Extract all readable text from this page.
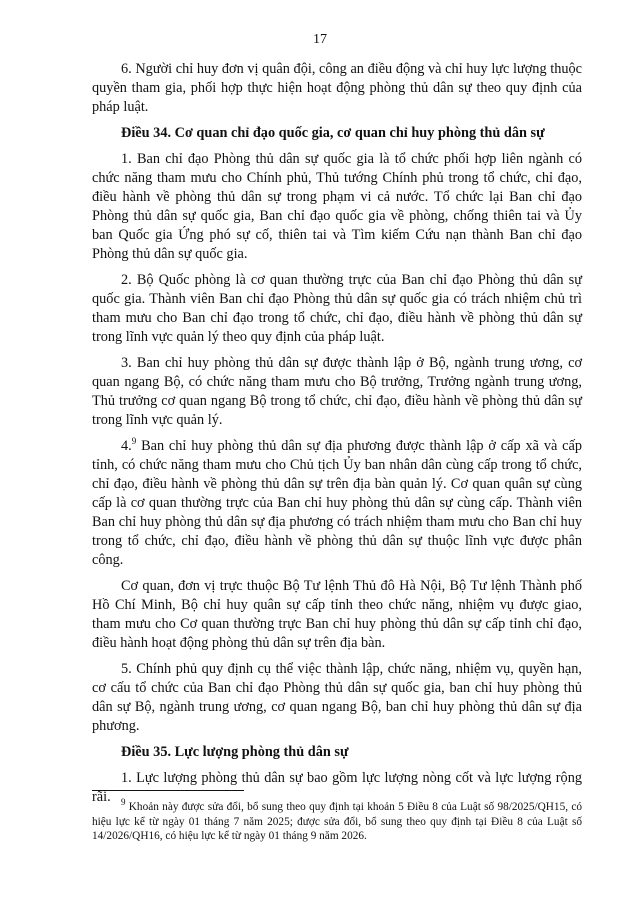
17

6. Người chỉ huy đơn vị quân đội, công an điều động và chỉ huy lực lượng thuộc quyền tham gia, phối hợp thực hiện hoạt động phòng thủ dân sự theo quy định của pháp luật.

Điều 34. Cơ quan chỉ đạo quốc gia, cơ quan chỉ huy phòng thủ dân sự

1. Ban chỉ đạo Phòng thủ dân sự quốc gia là tổ chức phối hợp liên ngành có chức năng tham mưu cho Chính phủ, Thủ tướng Chính phủ trong tổ chức, chỉ đạo, điều hành về phòng thủ dân sự trong phạm vi cả nước. Tổ chức lại Ban chỉ đạo Phòng thủ dân sự quốc gia, Ban chỉ đạo quốc gia về phòng, chống thiên tai và Ủy ban Quốc gia Ứng phó sự cố, thiên tai và Tìm kiếm Cứu nạn thành Ban chỉ đạo Phòng thủ dân sự quốc gia.

2. Bộ Quốc phòng là cơ quan thường trực của Ban chỉ đạo Phòng thủ dân sự quốc gia. Thành viên Ban chỉ đạo Phòng thủ dân sự quốc gia có trách nhiệm chủ trì tham mưu cho Ban chỉ đạo trong tổ chức, chỉ đạo, điều hành về phòng thủ dân sự trong lĩnh vực quản lý theo quy định của pháp luật.

3. Ban chỉ huy phòng thủ dân sự được thành lập ở Bộ, ngành trung ương, cơ quan ngang Bộ, có chức năng tham mưu cho Bộ trưởng, Trưởng ngành trung ương, Thủ trưởng cơ quan ngang Bộ trong tổ chức, chỉ đạo, điều hành về phòng thủ dân sự trong lĩnh vực quản lý.

4.$^9$ Ban chỉ huy phòng thủ dân sự địa phương được thành lập ở cấp xã và cấp tỉnh, có chức năng tham mưu cho Chủ tịch Ủy ban nhân dân cùng cấp trong tổ chức, chỉ đạo, điều hành về phòng thủ dân sự trên địa bàn quản lý. Cơ quan quân sự cùng cấp là cơ quan thường trực của Ban chỉ huy phòng thủ dân sự cùng cấp. Thành viên Ban chỉ huy phòng thủ dân sự địa phương có trách nhiệm tham mưu cho Ban chỉ huy trong tổ chức, chỉ đạo, điều hành về phòng thủ dân sự thuộc lĩnh vực được phân công.

Cơ quan, đơn vị trực thuộc Bộ Tư lệnh Thủ đô Hà Nội, Bộ Tư lệnh Thành phố Hồ Chí Minh, Bộ chỉ huy quân sự cấp tỉnh theo chức năng, nhiệm vụ được giao, tham mưu cho Cơ quan thường trực Ban chỉ huy phòng thủ dân sự cấp tỉnh chỉ đạo, điều hành hoạt động phòng thủ dân sự trên địa bàn.

5. Chính phủ quy định cụ thể việc thành lập, chức năng, nhiệm vụ, quyền hạn, cơ cấu tổ chức của Ban chỉ đạo Phòng thủ dân sự quốc gia, ban chỉ huy phòng thủ dân sự Bộ, ngành trung ương, cơ quan ngang Bộ, ban chỉ huy phòng thủ dân sự địa phương.

Điều 35. Lực lượng phòng thủ dân sự

1. Lực lượng phòng thủ dân sự bao gồm lực lượng nòng cốt và lực lượng rộng rãi.	$^9$ Khoản này được sửa đổi, bổ sung theo quy định tại khoản 5 Điều 8 của Luật số 98/2025/QH15, có hiệu lực kể từ ngày 01 tháng 7 năm 2025; được sửa đổi, bổ sung theo quy định tại Điều 8 của Luật số 14/2026/QH16, có hiệu lực kể từ ngày 01 tháng 9 năm 2026.
